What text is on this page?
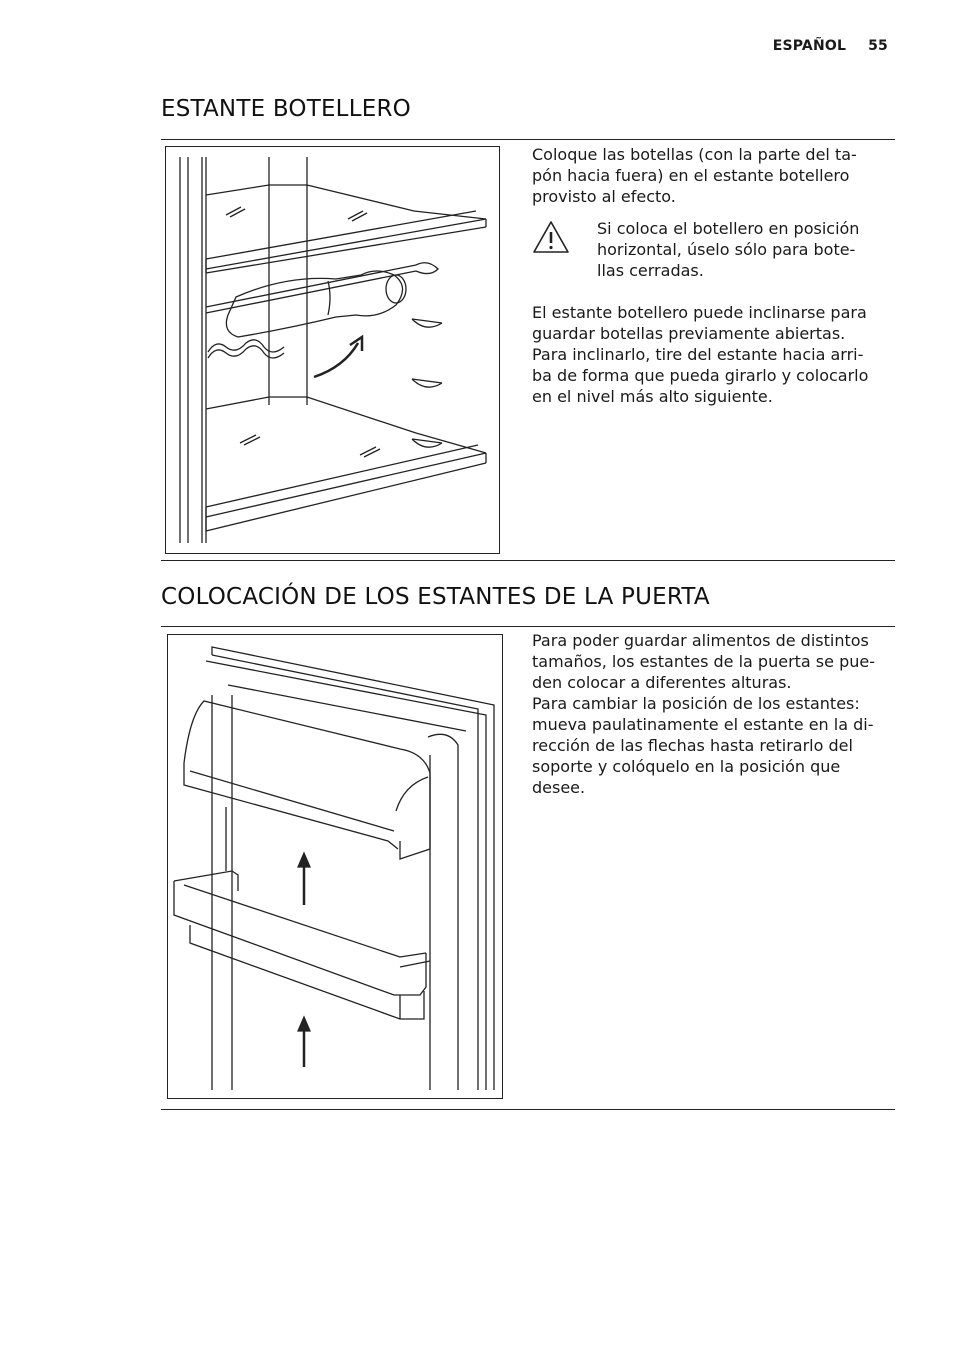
ESPAÑOL 55
ESTANTE BOTELLERO

Coloque las botellas (con la parte del ta-
pón hacia fuera) en el estante botellero
provisto al efecto.

Si coloca el botellero en posición
horizontal, úselo sólo para bote-
llas cerradas.

El estante botellero puede inclinarse para
guardar botellas previamente abiertas.
Para inclinarlo, tire del estante hacia arri-
ba de forma que pueda girarlo y colocarlo
en el nivel más alto siguiente.

COLOCACIÓN DE LOS ESTANTES DE LA PUERTA

Para poder guardar alimentos de distintos
tamaños, los estantes de la puerta se pue-
den colocar a diferentes alturas.
Para cambiar la posición de los estantes:
mueva paulatinamente el estante en la di-
rección de las flechas hasta retirarlo del
soporte y colóquelo en la posición que
desee.
